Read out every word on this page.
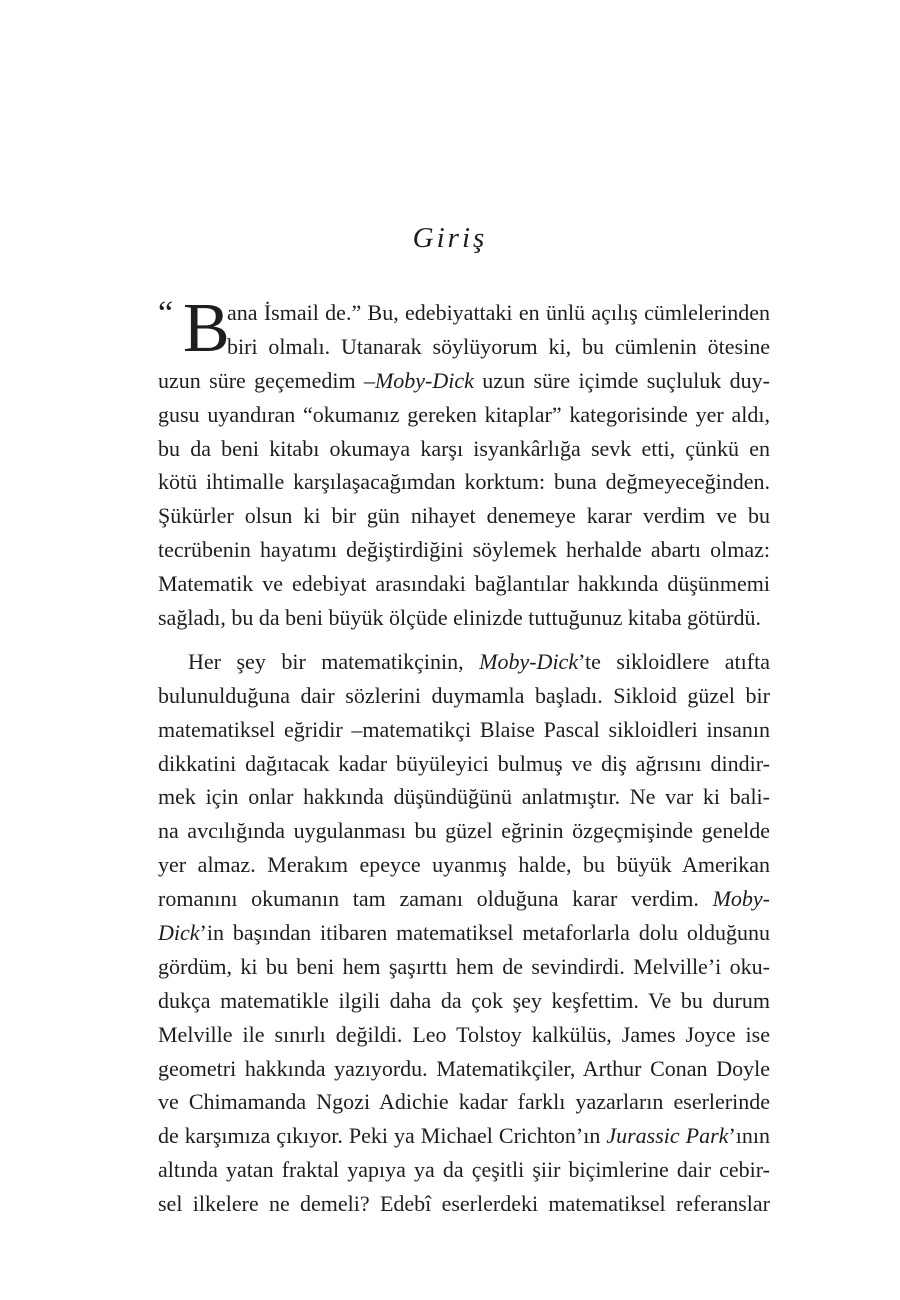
Giriş
“ B
ana İsmail de.” Bu, edebiyattaki en ünlü açılış cümlelerinden
biri olmalı. Utanarak söylüyorum ki, bu cümlenin ötesine
uzun süre geçemedim –Moby-Dick uzun süre içimde suçluluk duy-
gusu uyandıran “okumanız gereken kitaplar” kategorisinde yer aldı,
bu da beni kitabı okumaya karşı isyankârlığa sevk etti, çünkü en
kötü ihtimalle karşılaşacağımdan korktum: buna değmeyeceğinden.
Şükürler olsun ki bir gün nihayet denemeye karar verdim ve bu
tecrübenin hayatımı değiştirdiğini söylemek herhalde abartı olmaz:
Matematik ve edebiyat arasındaki bağlantılar hakkında düşünmemi
sağladı, bu da beni büyük ölçüde elinizde tuttuğunuz kitaba götürdü.
Her şey bir matematikçinin, Moby-Dick’te sikloidlere atıfta
bulunulduğuna dair sözlerini duymamla başladı. Sikloid güzel bir
matematiksel eğridir –matematikçi Blaise Pascal sikloidleri insanın
dikkatini dağıtacak kadar büyüleyici bulmuş ve diş ağrısını dindir-
mek için onlar hakkında düşündüğünü anlatmıştır. Ne var ki bali-
na avcılığında uygulanması bu güzel eğrinin özgeçmişinde genelde
yer almaz. Merakım epeyce uyanmış halde, bu büyük Amerikan
romanını okumanın tam zamanı olduğuna karar verdim. Moby-
Dick’in başından itibaren matematiksel metaforlarla dolu olduğunu
gördüm, ki bu beni hem şaşırttı hem de sevindirdi. Melville’i oku-
dukça matematikle ilgili daha da çok şey keşfettim. Ve bu durum
Melville ile sınırlı değildi. Leo Tolstoy kalkülüs, James Joyce ise
geometri hakkında yazıyordu. Matematikçiler, Arthur Conan Doyle
ve Chimamanda Ngozi Adichie kadar farklı yazarların eserlerinde
de karşımıza çıkıyor. Peki ya Michael Crichton’ın Jurassic Park’ının
altında yatan fraktal yapıya ya da çeşitli şiir biçimlerine dair cebir-
sel ilkelere ne demeli? Edebî eserlerdeki matematiksel referanslar
